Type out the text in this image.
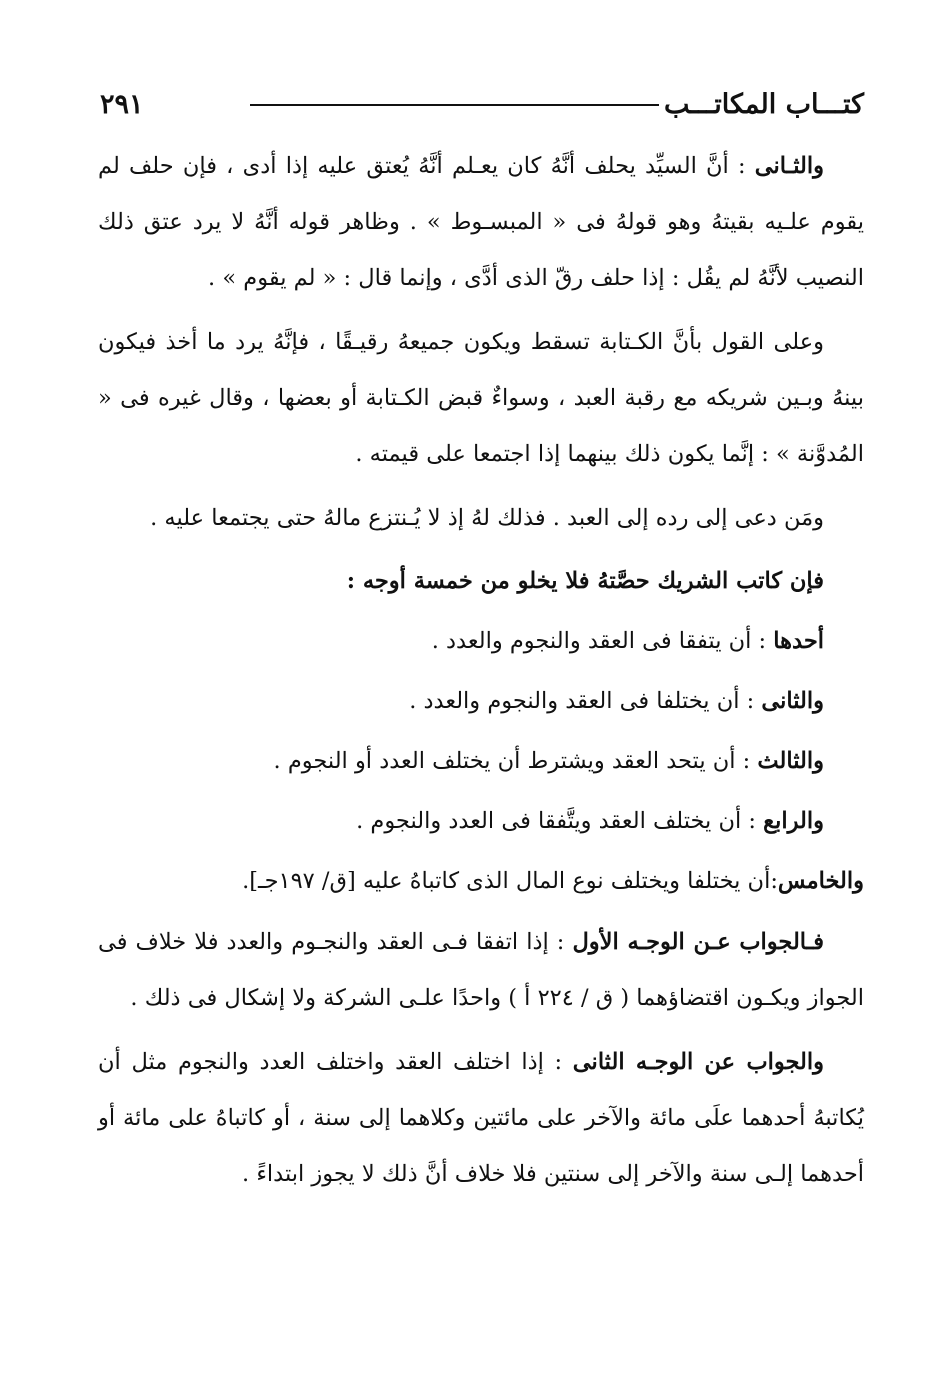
كتـــاب المكاتـــب
٢٩١

والثـانى : أنَّ السيِّد يحلف أنَّهُ كان يعـلم أنَّهُ يُعتق عليه إذا أدى ، فإن حلف لم يقوم علـيه بقيتهُ وهو قولهُ فى « المبسـوط » . وظاهر قوله أنَّهُ لا يرد عتق ذلك النصيب لأنَّهُ لم يقُل : إذا حلف رقّ الذى أدَّى ، وإنما قال : « لم يقوم » .

وعلى القول بأنَّ الكـتابة تسقط ويكون جميعهُ رقيـقًا ، فإنَّهُ يرد ما أخذ فيكون بينهُ وبـين شريكه مع رقبة العبد ، وسواءٌ قبض الكـتابة أو بعضها ، وقال غيره فى « المُدوَّنة » : إنَّما يكون ذلك بينهما إذا اجتمعا على قيمته .

ومَن دعى إلى رده إلى العبد . فذلك لهُ إذ لا يُـنتزع مالهُ حتى يجتمعا عليه .

فإن كاتب الشريك حصَّتهُ فلا يخلو من خمسة أوجه :

أحدها : أن يتفقا فى العقد والنجوم والعدد .

والثانى : أن يختلفا فى العقد والنجوم والعدد .

والثالث : أن يتحد العقد ويشترط أن يختلف العدد أو النجوم .

والرابع : أن يختلف العقد ويتَّفقا فى العدد والنجوم .

والخامس:أن يختلفا ويختلف نوع المال الذى كاتباهُ عليه [ق/ ١٩٧جـ].

فـالجواب عـن الوجـه الأول : إذا اتفقا فـى العقد والنجـوم والعدد فلا خلاف فى الجواز ويكـون اقتضاؤهما ( ق / ٢٢٤ أ ) واحدًا علـى الشركة ولا إشكال فى ذلك .

والجواب عن الوجـه الثانى : إذا اختلف العقد واختلف العدد والنجوم مثل أن يُكاتبهُ أحدهما علَى مائة والآخر على مائتين وكلاهما إلى سنة ، أو كاتباهُ على مائة أو أحدهما إلـى سنة والآخر إلى سنتين فلا خلاف أنَّ ذلك لا يجوز ابتداءً .
